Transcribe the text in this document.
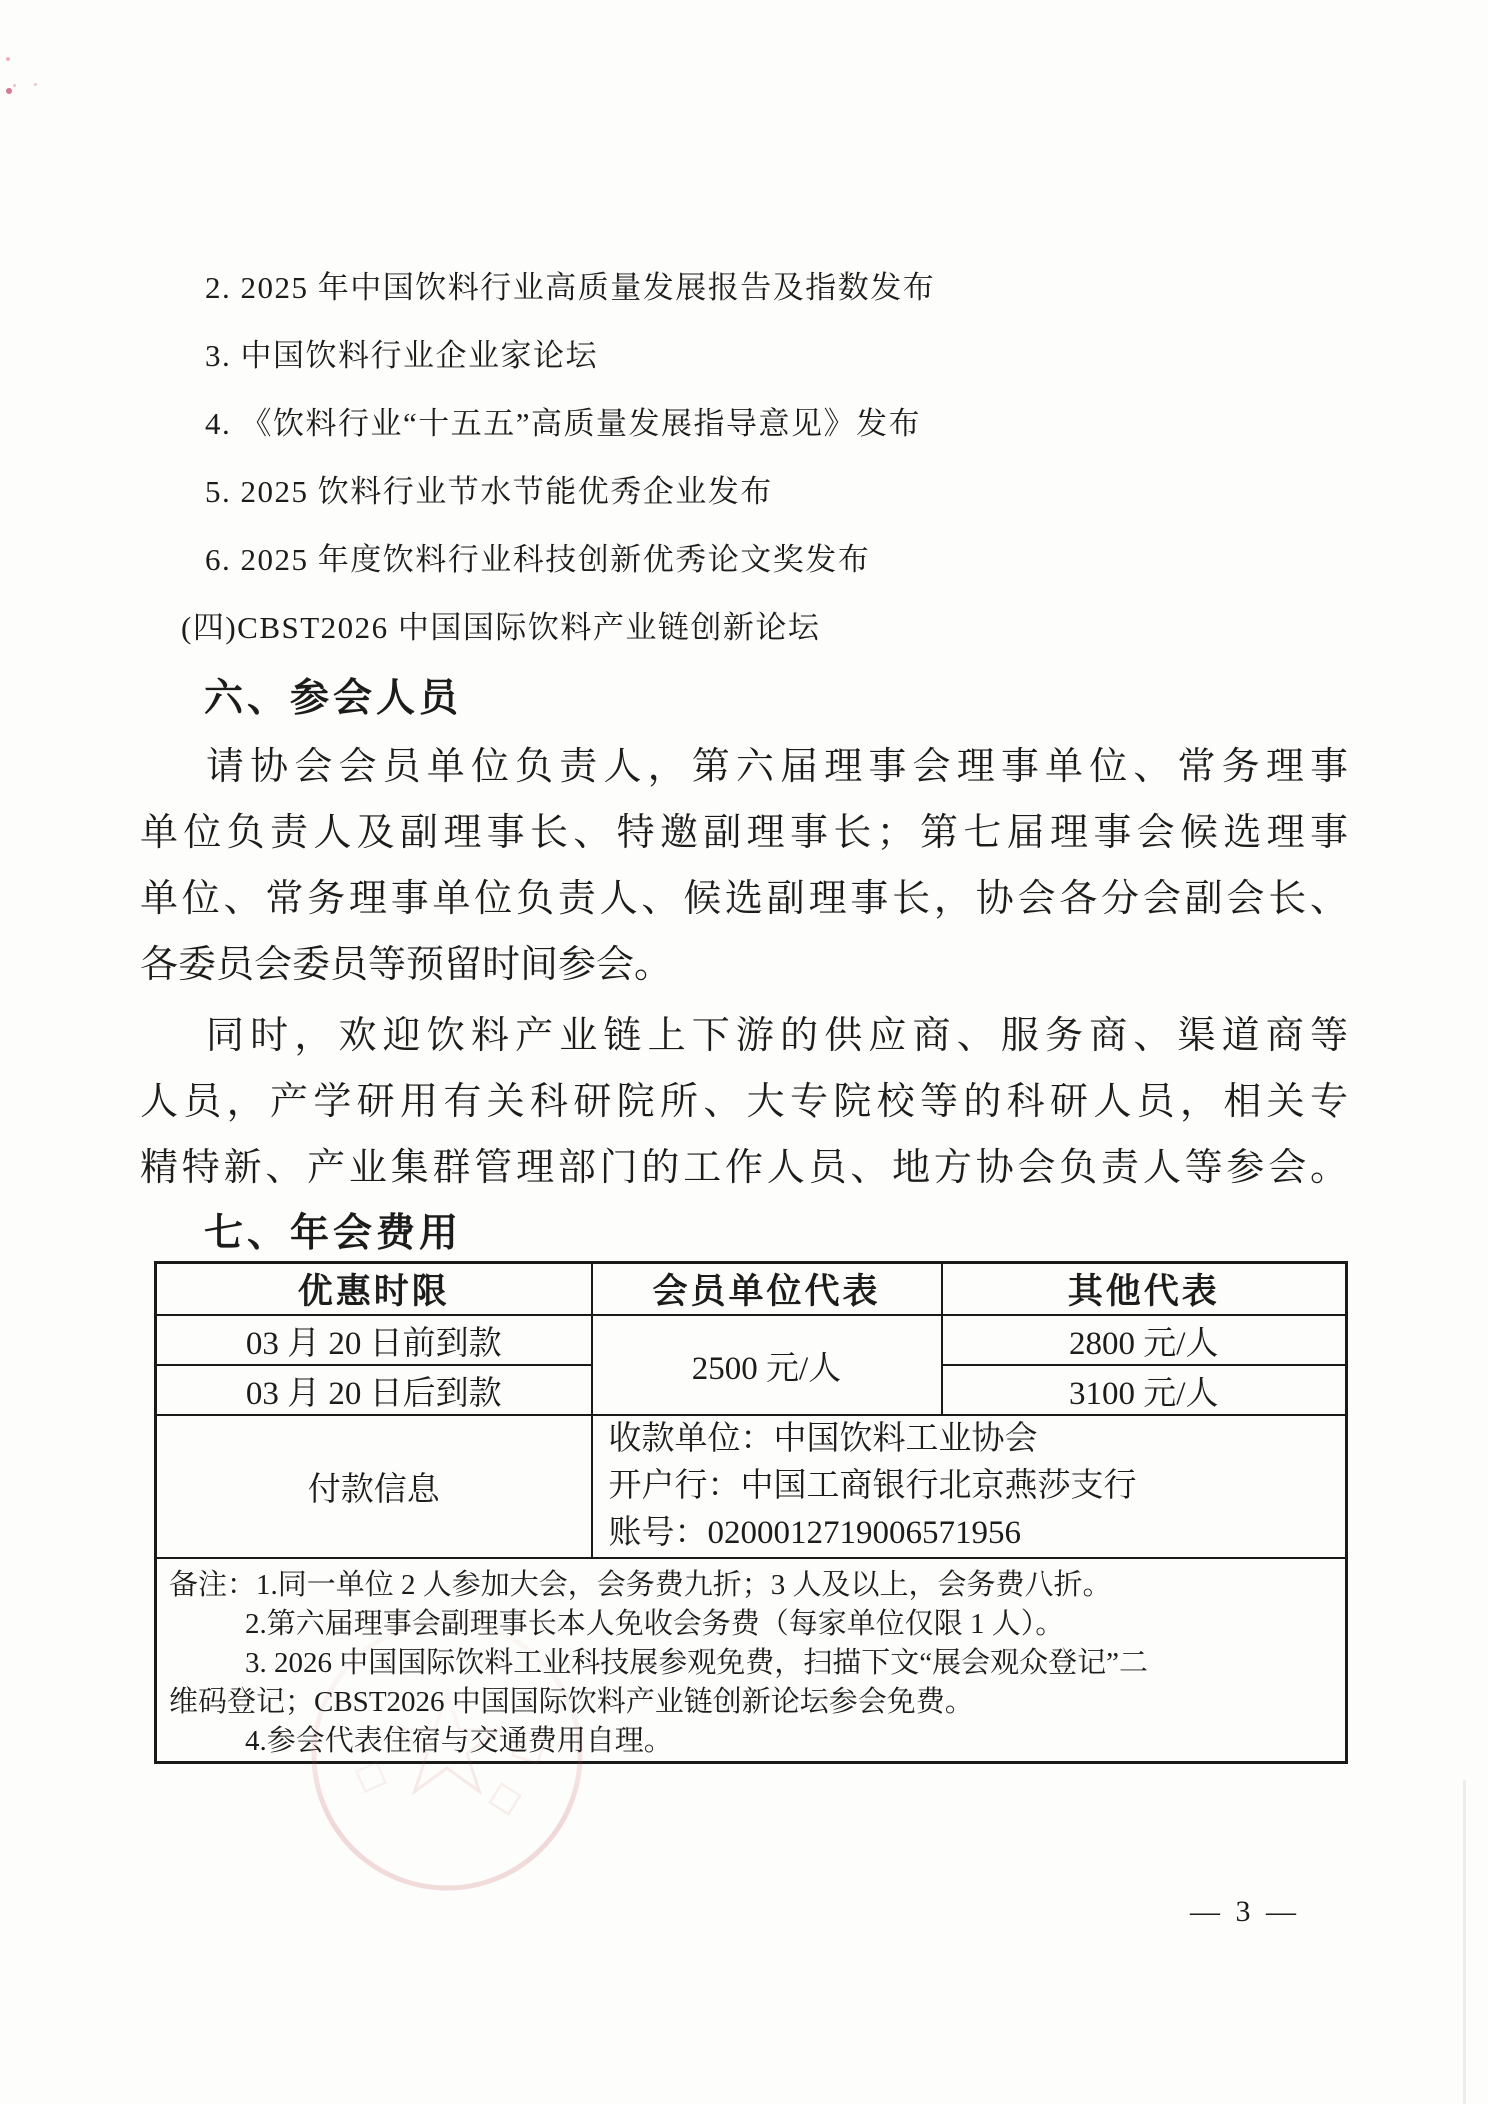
2. 2025 年中国饮料行业高质量发展报告及指数发布
3. 中国饮料行业企业家论坛
4. 《饮料行业“十五五”高质量发展指导意见》发布
5. 2025 饮料行业节水节能优秀企业发布
6. 2025 年度饮料行业科技创新优秀论文奖发布
(四)CBST2026 中国国际饮料产业链创新论坛
六、参会人员
请协会会员单位负责人，第六届理事会理事单位、常务理事
单位负责人及副理事长、特邀副理事长；第七届理事会候选理事
单位、常务理事单位负责人、候选副理事长，协会各分会副会长、
各委员会委员等预留时间参会。
同时，欢迎饮料产业链上下游的供应商、服务商、渠道商等
人员，产学研用有关科研院所、大专院校等的科研人员，相关专
精特新、产业集群管理部门的工作人员、地方协会负责人等参会。
七、年会费用
优惠时限	会员单位代表	其他代表
03 月 20 日前到款	2500 元/人	2800 元/人
03 月 20 日后到款		3100 元/人
付款信息	收款单位：中国饮料工业协会
开户行：中国工商银行北京燕莎支行
账号：0200012719006571956	

备注：1.同一单位 2 人参加大会，会务费九折；3 人及以上，会务费八折。
2.第六届理事会副理事长本人免收会务费（每家单位仅限 1 人）。
3. 2026 中国国际饮料工业科技展参观免费，扫描下文“展会观众登记”二
维码登记；CBST2026 中国国际饮料产业链创新论坛参会免费。
4.参会代表住宿与交通费用自理。		
— 3 —
